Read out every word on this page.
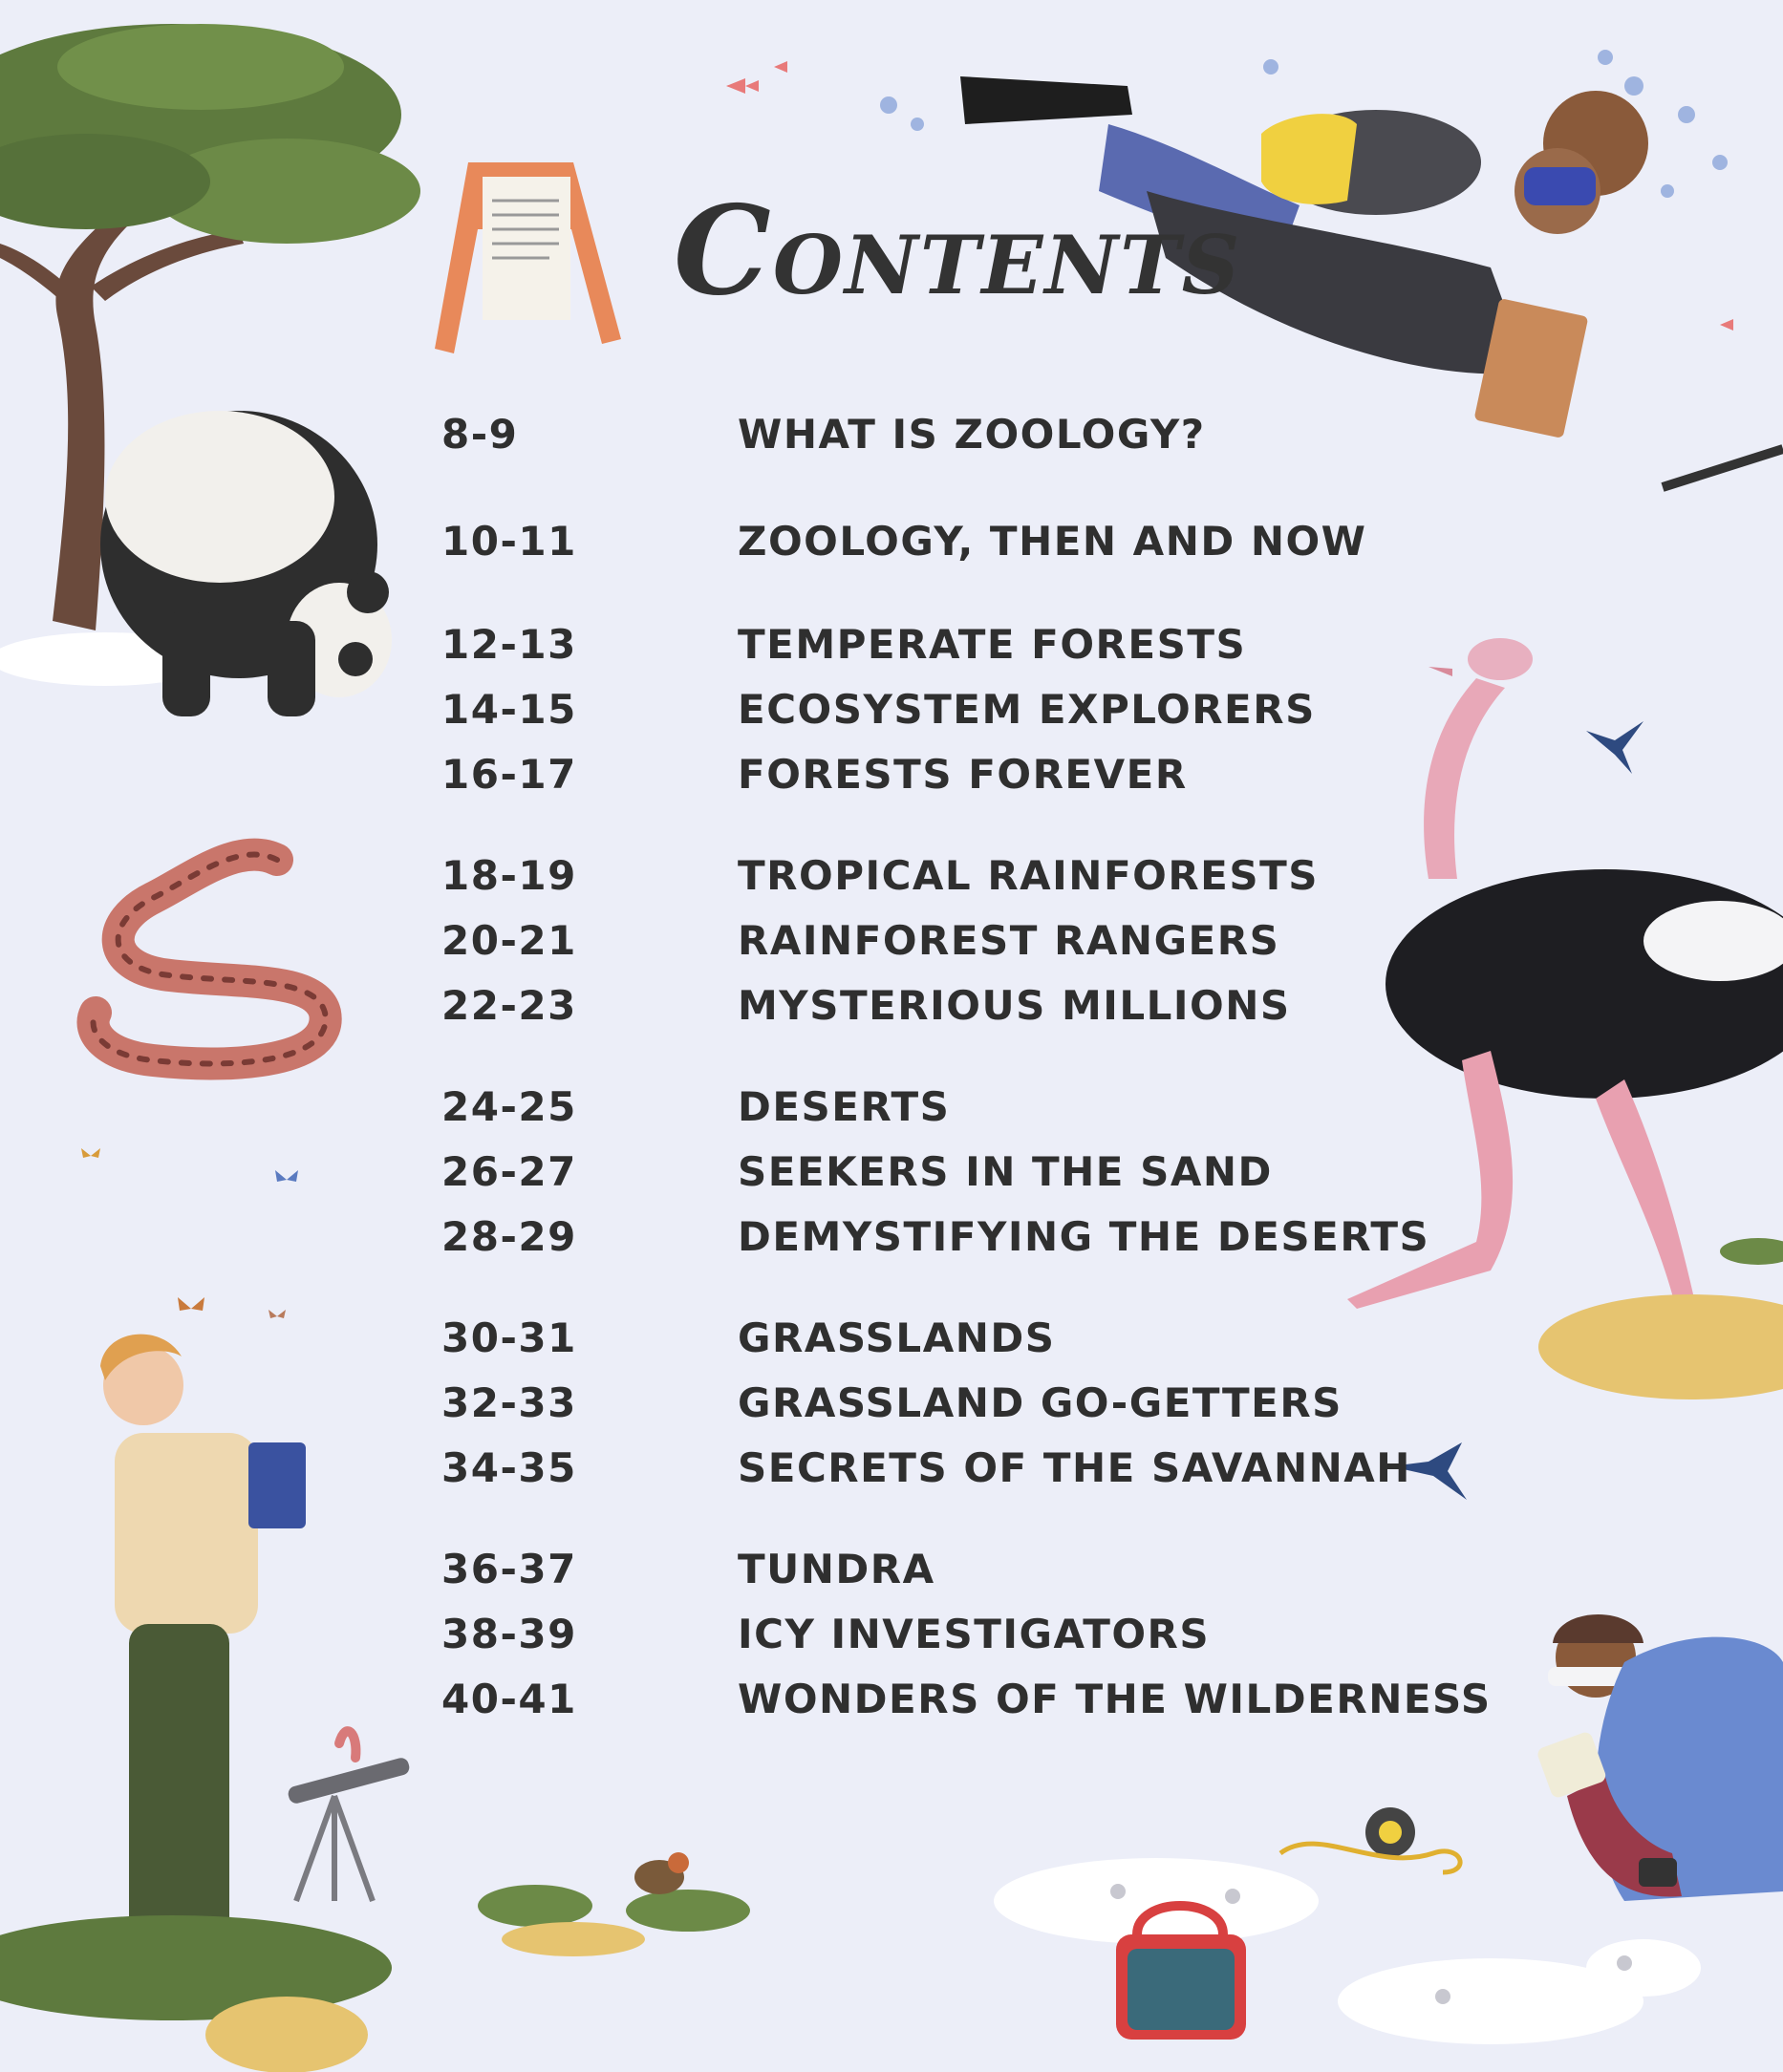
CONTENTS
8-9	WHAT IS ZOOLOGY?
10-11	ZOOLOGY, THEN AND NOW
12-13	TEMPERATE FORESTS
14-15	ECOSYSTEM EXPLORERS
16-17	FORESTS FOREVER
18-19	TROPICAL RAINFORESTS
20-21	RAINFOREST RANGERS
22-23	MYSTERIOUS MILLIONS
24-25	DESERTS
26-27	SEEKERS IN THE SAND
28-29	DEMYSTIFYING THE DESERTS
30-31	GRASSLANDS
32-33	GRASSLAND GO-GETTERS
34-35	SECRETS OF THE SAVANNAH
36-37	TUNDRA
38-39	ICY INVESTIGATORS
40-41	WONDERS OF THE WILDERNESS
